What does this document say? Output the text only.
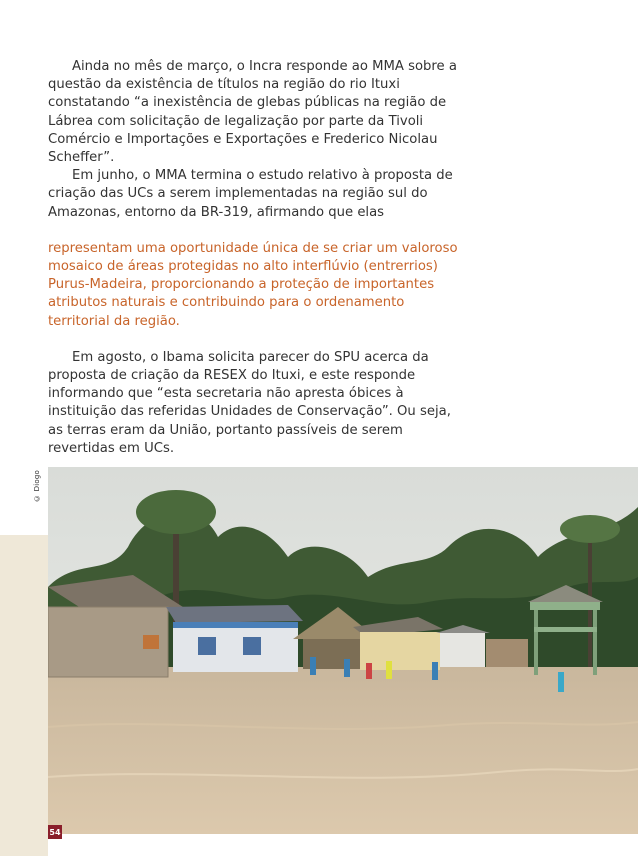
Ainda no mês de março, o Incra responde ao MMA sobre a questão da existência de títulos na região do rio Ituxi constatando “a inexistência de glebas públicas na região de Lábrea com solicitação de legalização por parte da Tivoli Comércio e Importações e Exportações e Frederico Nicolau Scheffer”.

Em junho, o MMA termina o estudo relativo à proposta de criação das UCs a serem implementadas na região sul do Amazonas, entorno da BR-319, afirmando que elas

representam uma oportunidade única de se criar um valoroso mosaico de áreas protegidas no alto interflúvio (entrerrios) Purus-Madeira, proporcionando a proteção de importantes atributos naturais e contribuindo para o ordenamento territorial da região.

Em agosto, o Ibama solicita parecer do SPU acerca da proposta de criação da RESEX do Ituxi, e este responde informando que “esta secretaria não apresta óbices à instituição das referidas Unidades de Conservação”. Ou seja, as terras eram da União, portanto passíveis de serem revertidas em UCs.

© Diogo
54
